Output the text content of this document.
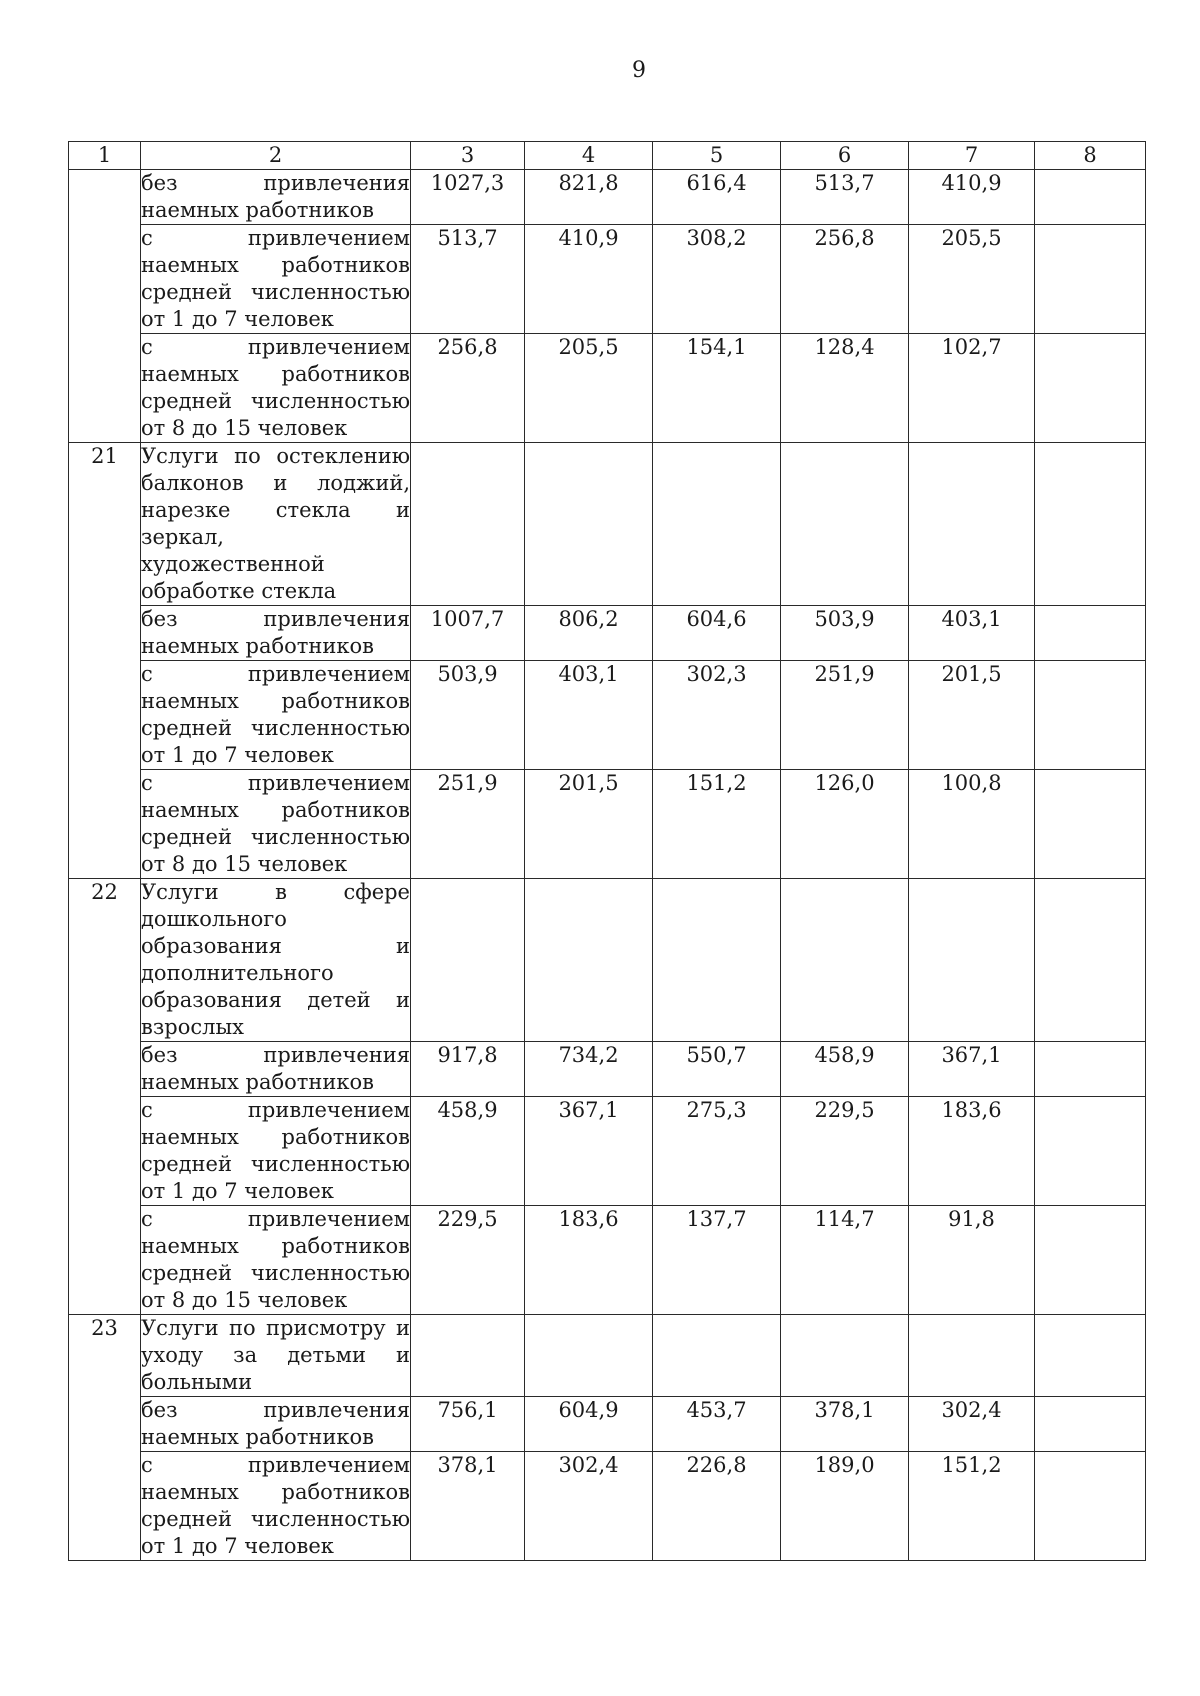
9
1	2	3	4	5	6	7	8
	без привлечения наемных работников	1027,3	821,8	616,4	513,7	410,9	
	с привлечением наемных работников средней численностью от 1 до 7 человек	513,7	410,9	308,2	256,8	205,5	
	с привлечением наемных работников средней численностью от 8 до 15 человек	256,8	205,5	154,1	128,4	102,7	
21	Услуги по остеклению балконов и лоджий, нарезке стекла и зеркал, художественной обработке стекла						
	без привлечения наемных работников	1007,7	806,2	604,6	503,9	403,1	
	с привлечением наемных работников средней численностью от 1 до 7 человек	503,9	403,1	302,3	251,9	201,5	
	с привлечением наемных работников средней численностью от 8 до 15 человек	251,9	201,5	151,2	126,0	100,8	
22	Услуги в сфере дошкольного образования и дополнительного образования детей и взрослых						
	без привлечения наемных работников	917,8	734,2	550,7	458,9	367,1	
	с привлечением наемных работников средней численностью от 1 до 7 человек	458,9	367,1	275,3	229,5	183,6	
	с привлечением наемных работников средней численностью от 8 до 15 человек	229,5	183,6	137,7	114,7	91,8	
23	Услуги по присмотру и уходу за детьми и больными						
	без привлечения наемных работников	756,1	604,9	453,7	378,1	302,4	
	с привлечением наемных работников средней численностью от 1 до 7 человек	378,1	302,4	226,8	189,0	151,2	
